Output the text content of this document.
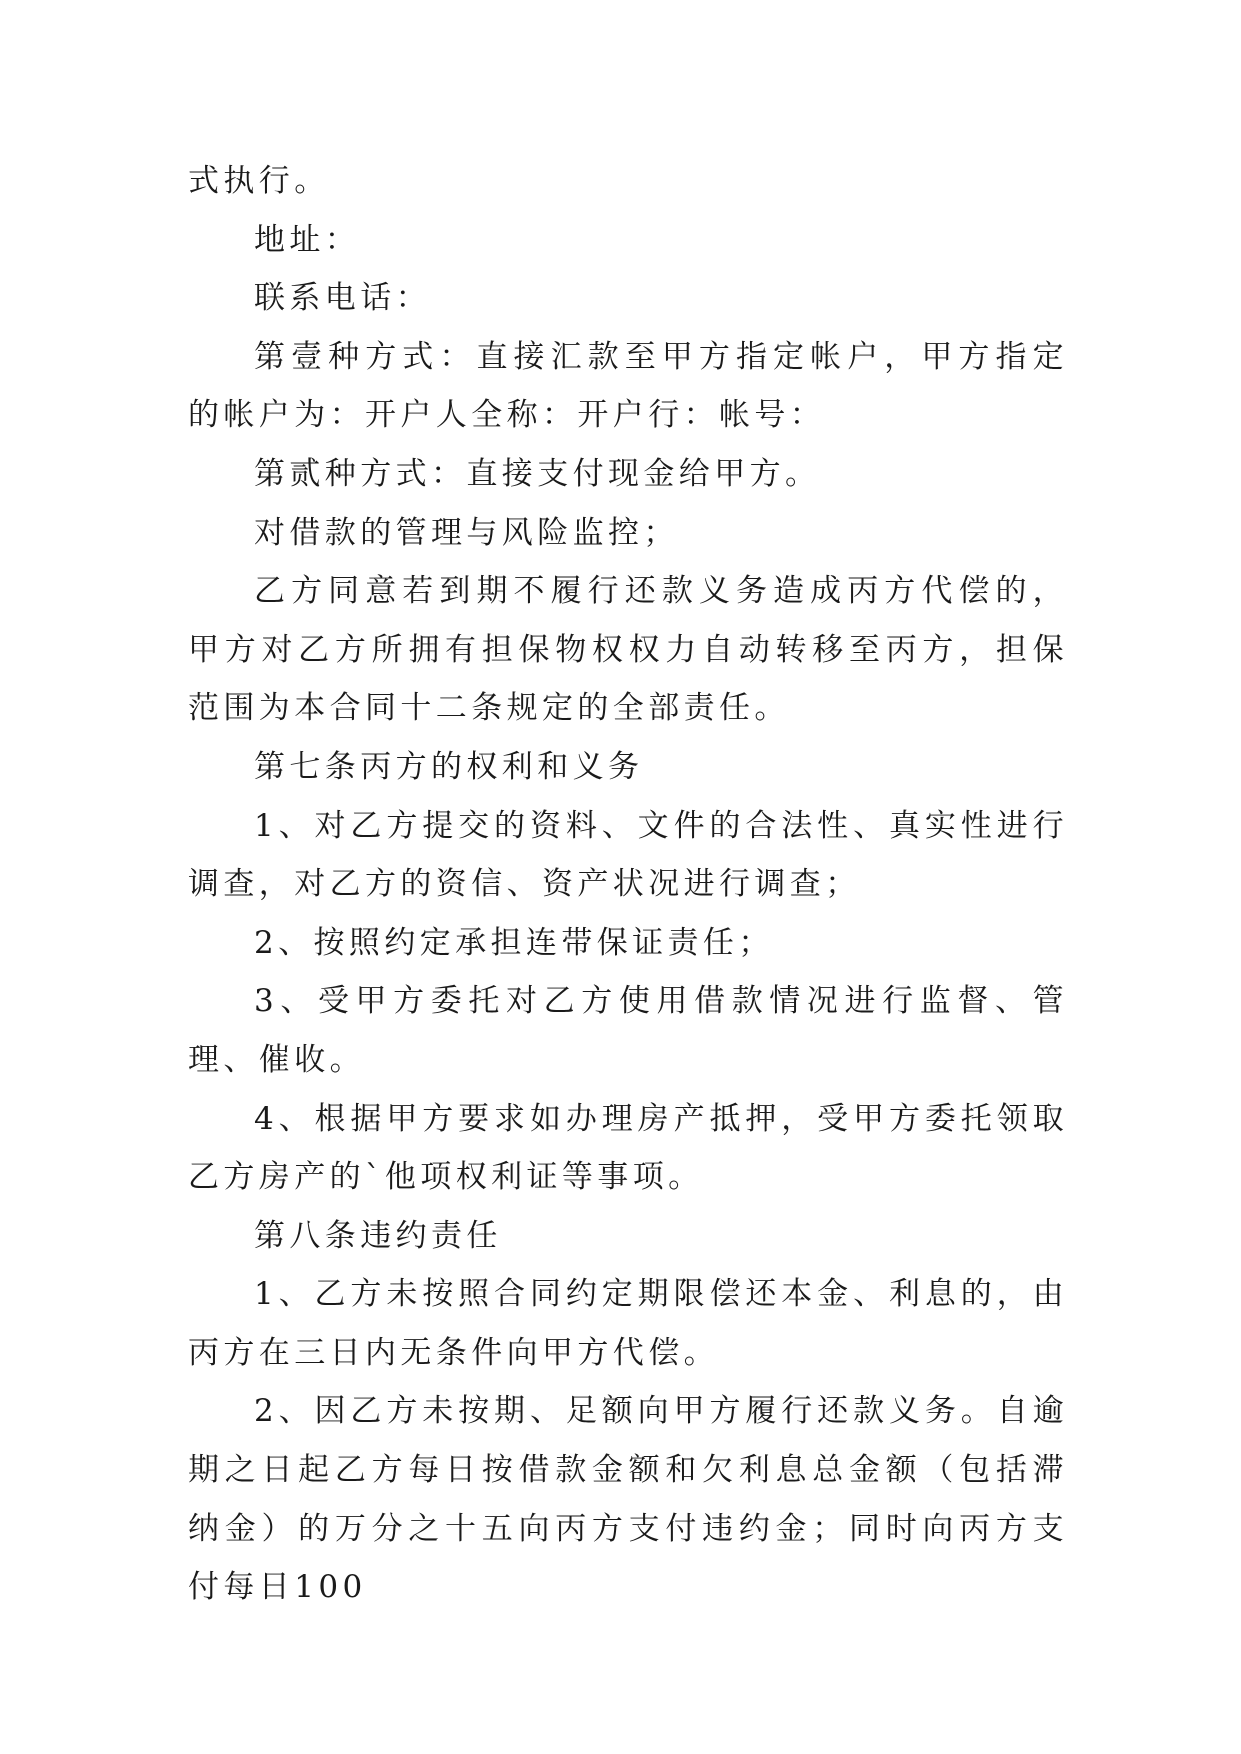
式执行。

地址：

联系电话：

第壹种方式：直接汇款至甲方指定帐户，甲方指定的帐户为：开户人全称：开户行：帐号：

第贰种方式：直接支付现金给甲方。

对借款的管理与风险监控；

乙方同意若到期不履行还款义务造成丙方代偿的，甲方对乙方所拥有担保物权权力自动转移至丙方，担保范围为本合同十二条规定的全部责任。

第七条丙方的权利和义务

1、对乙方提交的资料、文件的合法性、真实性进行调查，对乙方的资信、资产状况进行调查；

2、按照约定承担连带保证责任；

3、受甲方委托对乙方使用借款情况进行监督、管理、催收。

4、根据甲方要求如办理房产抵押，受甲方委托领取乙方房产的`他项权利证等事项。

第八条违约责任

1、乙方未按照合同约定期限偿还本金、利息的，由丙方在三日内无条件向甲方代偿。

2、因乙方未按期、足额向甲方履行还款义务。自逾期之日起乙方每日按借款金额和欠利息总金额（包括滞纳金）的万分之十五向丙方支付违约金；同时向丙方支付每日100
